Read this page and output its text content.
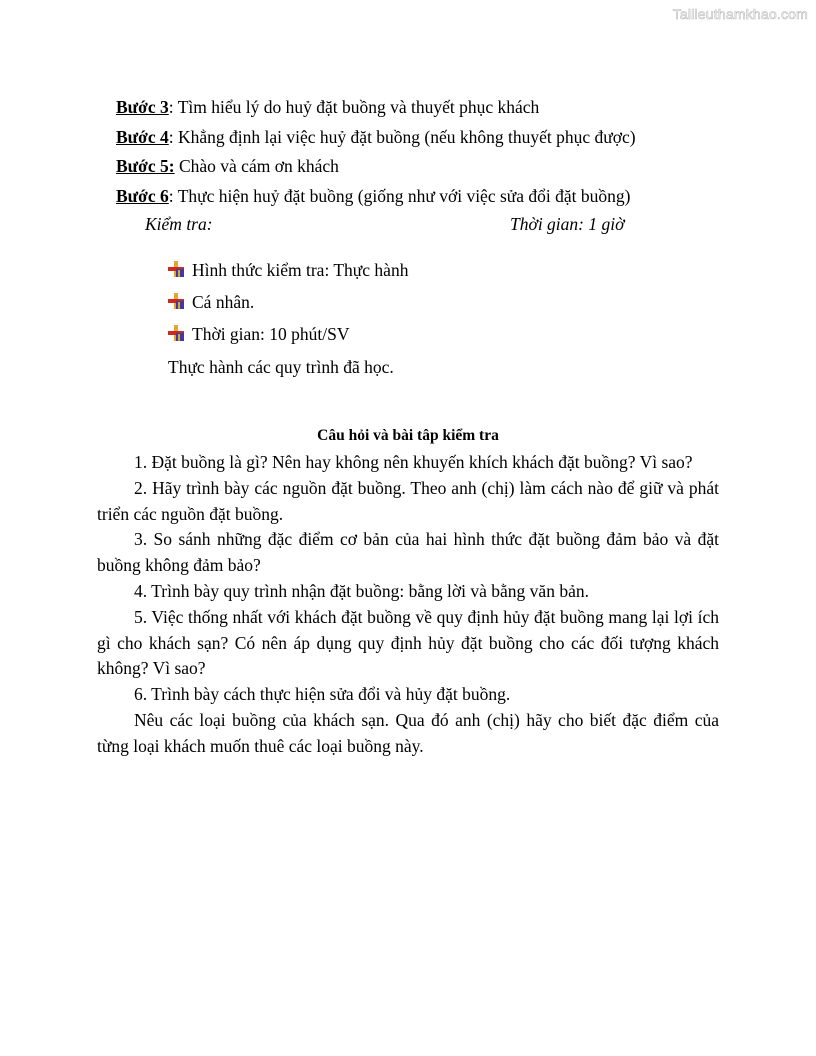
Tailieuthamkhao.com
Bước 3: Tìm hiểu lý do huỷ đặt buồng và thuyết phục khách
Bước 4: Khẳng định lại việc huỷ đặt buồng (nếu không thuyết phục được)
Bước 5: Chào và cám ơn khách
Bước 6: Thực hiện huỷ đặt buồng (giống như với việc sửa đổi đặt buồng)
Kiểm tra:	Thời gian: 1 giờ
Hình thức kiểm tra: Thực hành
Cá nhân.
Thời gian: 10 phút/SV
Thực hành các quy trình đã học.
Câu hỏi và bài tâp kiểm tra

1. Đặt buồng là gì? Nên hay không nên khuyến khích khách đặt buồng? Vì sao?

2. Hãy trình bày các nguồn đặt buồng. Theo anh (chị) làm cách nào để giữ và phát triển các nguồn đặt buồng.

3. So sánh những đặc điểm cơ bản của hai hình thức đặt buồng đảm bảo và đặt buồng không đảm bảo?

4. Trình bày quy trình nhận đặt buồng: bằng lời và bằng văn bản.

5. Việc thống nhất với khách đặt buồng về quy định hủy đặt buồng mang lại lợi ích gì cho khách sạn? Có nên áp dụng quy định hủy đặt buồng cho các đối tượng khách không? Vì sao?

6. Trình bày cách thực hiện sửa đổi và hủy đặt buồng.

Nêu các loại buồng của khách sạn. Qua đó anh (chị) hãy cho biết đặc điểm của từng loại khách muốn thuê các loại buồng này.
